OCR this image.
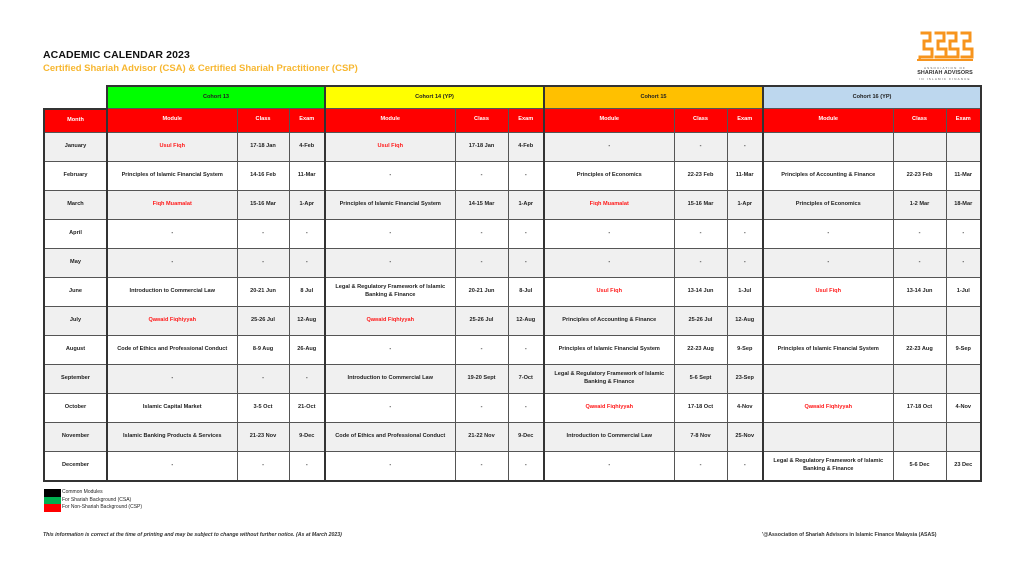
ACADEMIC CALENDAR 2023
Certified Shariah Advisor (CSA) & Certified Shariah Practitioner (CSP)	ASSOCIATION OF
SHARIAH ADVISORS
IN ISLAMIC FINANCE
	Cohort 13			Cohort 14 (YP)			Cohort 15			Cohort 16 (YP)		
Month	Module	Class	Exam	Module	Class	Exam	Module	Class	Exam	Module	Class	Exam
January	Usul Fiqh	17-18 Jan	4-Feb	Usul Fiqh	17-18 Jan	4-Feb	-	-	-			
February	Principles of Islamic Financial System	14-16 Feb	11-Mar	-	-	-	Principles of Economics	22-23 Feb	11-Mar	Principles of Accounting & Finance	22-23 Feb	11-Mar
March	Fiqh Muamalat	15-16 Mar	1-Apr	Principles of Islamic Financial System	14-15 Mar	1-Apr	Fiqh Muamalat	15-16 Mar	1-Apr	Principles of Economics	1-2 Mar	18-Mar
April	-	-	-	-	-	-	-	-	-	-	-	-
May	-	-	-	-	-	-	-	-	-	-	-	-
June	Introduction to Commercial Law	20-21 Jun	8 Jul	Legal & Regulatory Framework of Islamic Banking & Finance	20-21 Jun	8-Jul	Usul Fiqh	13-14 Jun	1-Jul	Usul Fiqh	13-14 Jun	1-Jul
July	Qawaid Fiqhiyyah	25-26 Jul	12-Aug	Qawaid Fiqhiyyah	25-26 Jul	12-Aug	Principles of Accounting & Finance	25-26 Jul	12-Aug			
August	Code of Ethics and Professional Conduct	8-9 Aug	26-Aug	-	-	-	Principles of Islamic Financial System	22-23 Aug	9-Sep	Principles of Islamic Financial System	22-23 Aug	9-Sep
September	-	-	-	Introduction to Commercial Law	19-20 Sept	7-Oct	Legal & Regulatory Framework of Islamic Banking & Finance	5-6 Sept	23-Sep			
October	Islamic Capital Market	3-5 Oct	21-Oct	-	-	-	Qawaid Fiqhiyyah	17-18 Oct	4-Nov	Qawaid Fiqhiyyah	17-18 Oct	4-Nov
November	Islamic Banking Products & Services	21-23 Nov	9-Dec	Code of Ethics and Professional Conduct	21-22 Nov	9-Dec	Introduction to Commercial Law	7-8 Nov	25-Nov			
December	-	-	-	-	-	-	-	-	-	Legal & Regulatory Framework of Islamic Banking & Finance	5-6 Dec	23 Dec
Common Modules
For Shariah Background (CSA)
For Non-Shariah Background (CSP)
This information is correct at the time of printing and may be subject to change without further notice. (As at March 2023)	'@Association of Shariah Advisors in Islamic Finance Malaysia (ASAS)
